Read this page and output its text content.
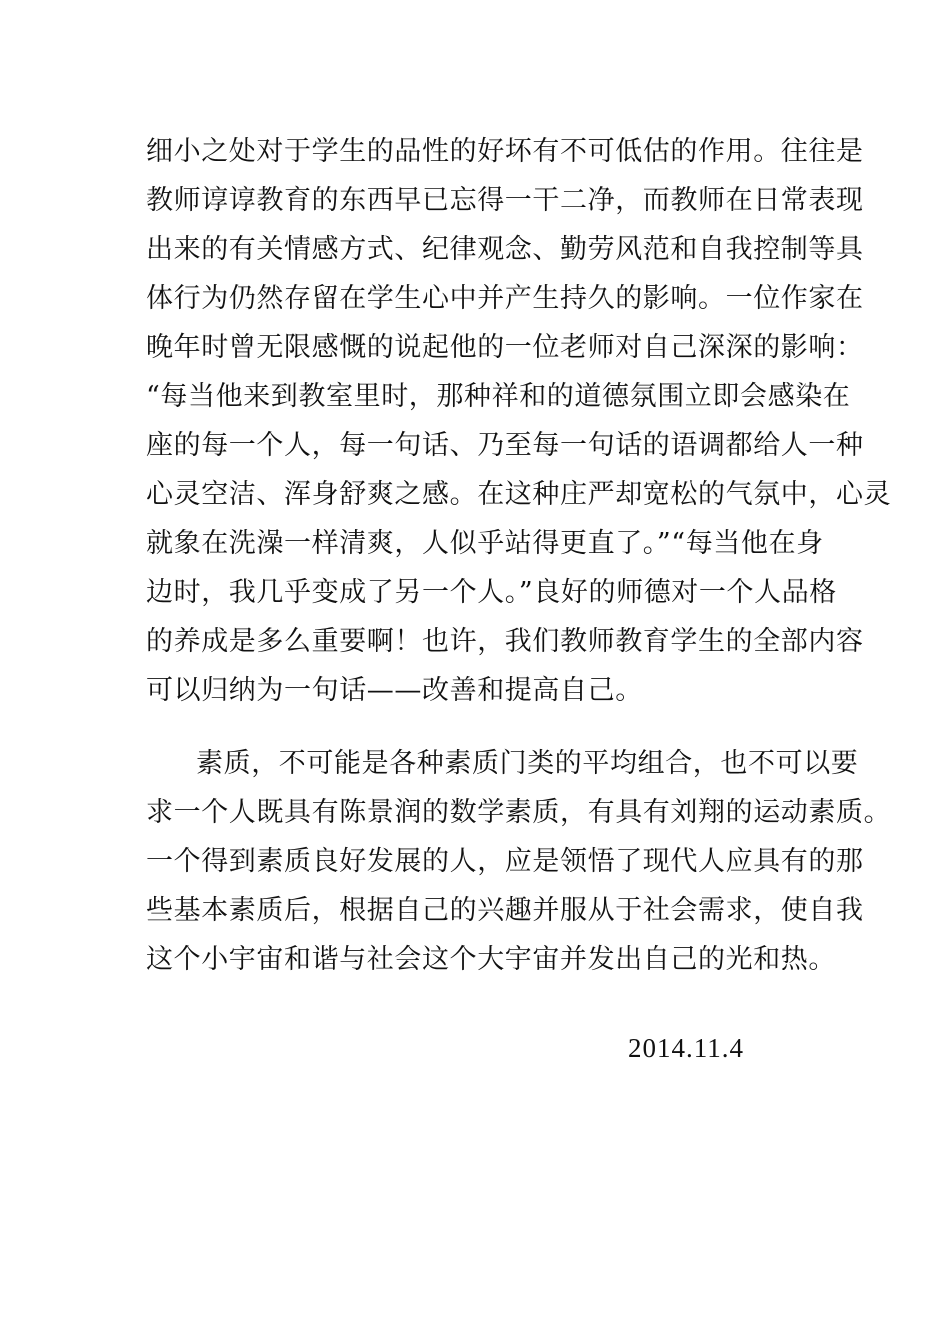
细小之处对于学生的品性的好坏有不可低估的作用。往往是
教师谆谆教育的东西早已忘得一干二净，而教师在日常表现
出来的有关情感方式、纪律观念、勤劳风范和自我控制等具
体行为仍然存留在学生心中并产生持久的影响。一位作家在
晚年时曾无限感慨的说起他的一位老师对自己深深的影响：
“每当他来到教室里时，那种祥和的道德氛围立即会感染在
座的每一个人，每一句话、乃至每一句话的语调都给人一种
心灵空洁、浑身舒爽之感。在这种庄严却宽松的气氛中，心灵
就象在洗澡一样清爽，人似乎站得更直了。”“每当他在身
边时，我几乎变成了另一个人。”良好的师德对一个人品格
的养成是多么重要啊！也许，我们教师教育学生的全部内容
可以归纳为一句话——改善和提高自己。
素质，不可能是各种素质门类的平均组合，也不可以要
求一个人既具有陈景润的数学素质，有具有刘翔的运动素质。
一个得到素质良好发展的人，应是领悟了现代人应具有的那
些基本素质后，根据自己的兴趣并服从于社会需求，使自我
这个小宇宙和谐与社会这个大宇宙并发出自己的光和热。
2014.11.4
